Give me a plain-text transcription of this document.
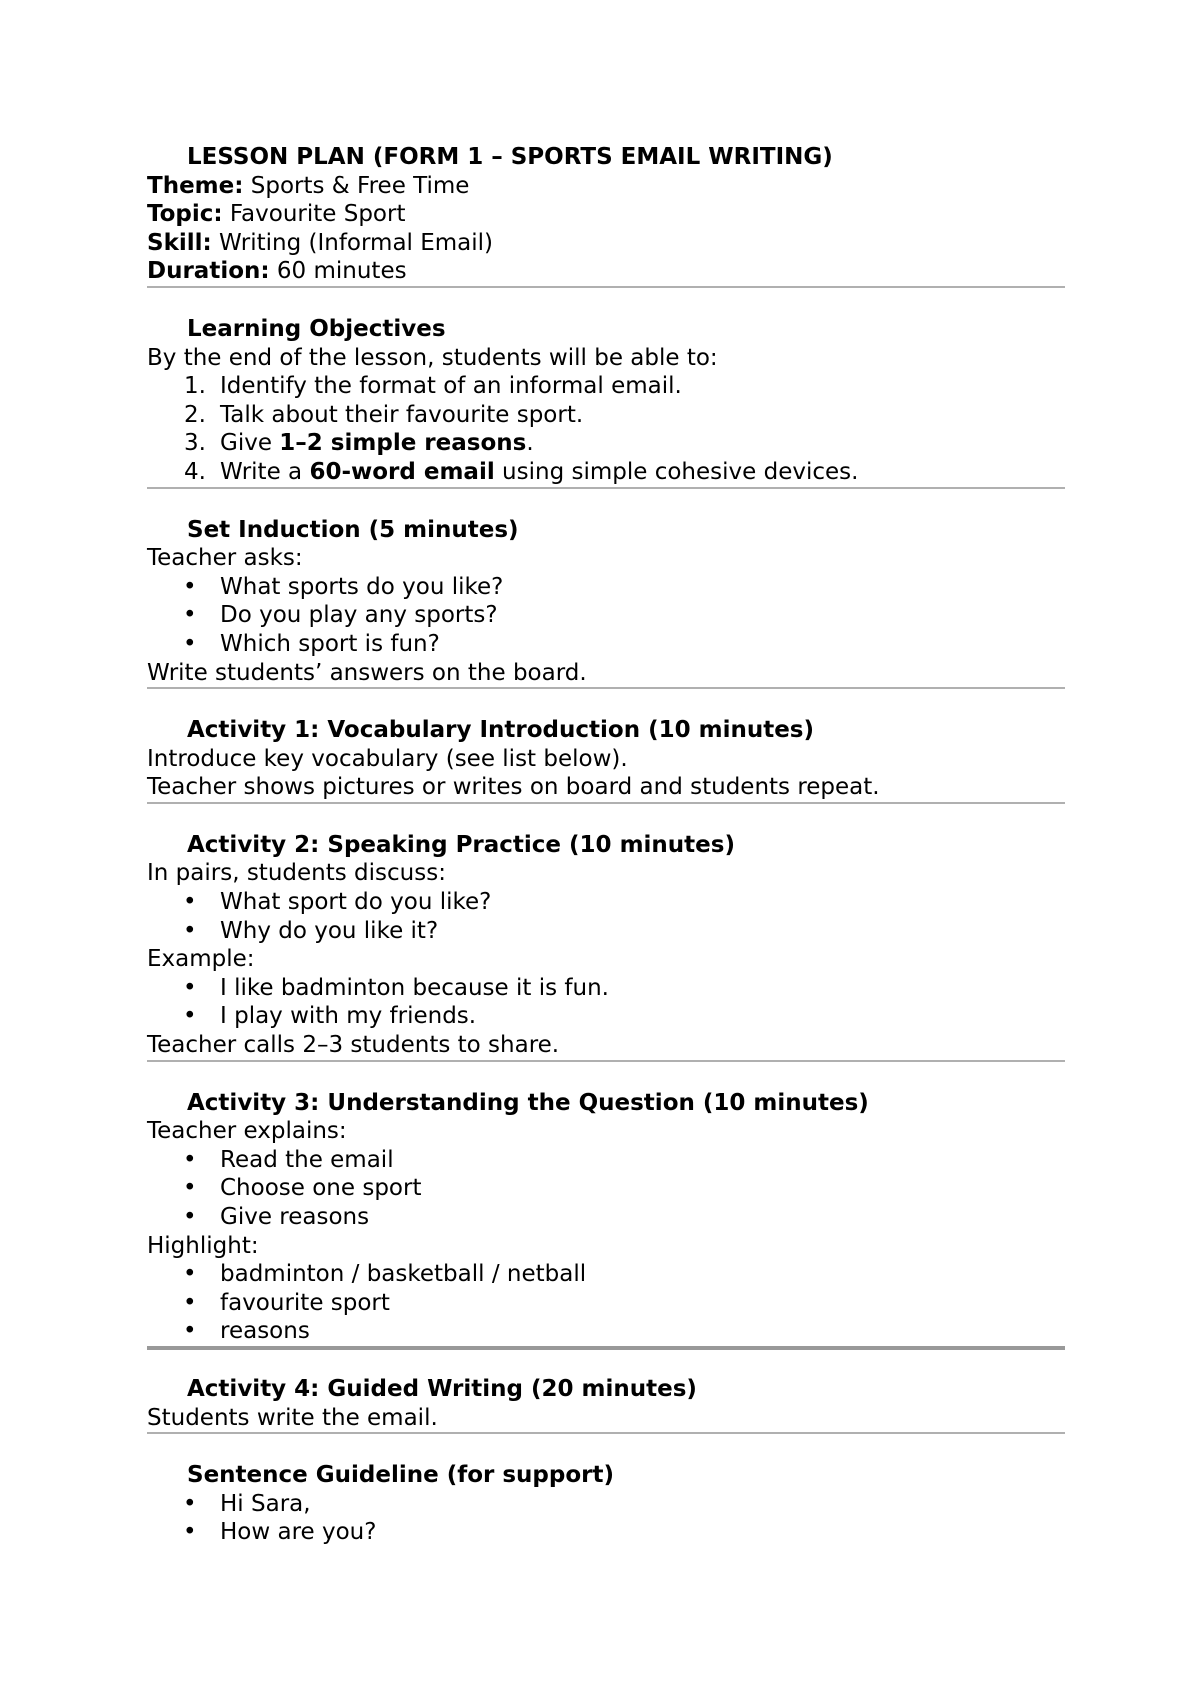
LESSON PLAN (FORM 1 – SPORTS EMAIL WRITING)
Theme: Sports & Free Time
Topic: Favourite Sport
Skill: Writing (Informal Email)
Duration: 60 minutes
Learning Objectives
By the end of the lesson, students will be able to:
1. Identify the format of an informal email.
2. Talk about their favourite sport.
3. Give 1–2 simple reasons.
4. Write a 60-word email using simple cohesive devices.
Set Induction (5 minutes)
Teacher asks:
• What sports do you like?
• Do you play any sports?
• Which sport is fun?
Write students’ answers on the board.
Activity 1: Vocabulary Introduction (10 minutes)
Introduce key vocabulary (see list below).
Teacher shows pictures or writes on board and students repeat.
Activity 2: Speaking Practice (10 minutes)
In pairs, students discuss:
• What sport do you like?
• Why do you like it?
Example:
• I like badminton because it is fun.
• I play with my friends.
Teacher calls 2–3 students to share.
Activity 3: Understanding the Question (10 minutes)
Teacher explains:
• Read the email
• Choose one sport
• Give reasons
Highlight:
• badminton / basketball / netball
• favourite sport
• reasons
Activity 4: Guided Writing (20 minutes)
Students write the email.
Sentence Guideline (for support)
• Hi Sara,
• How are you?
